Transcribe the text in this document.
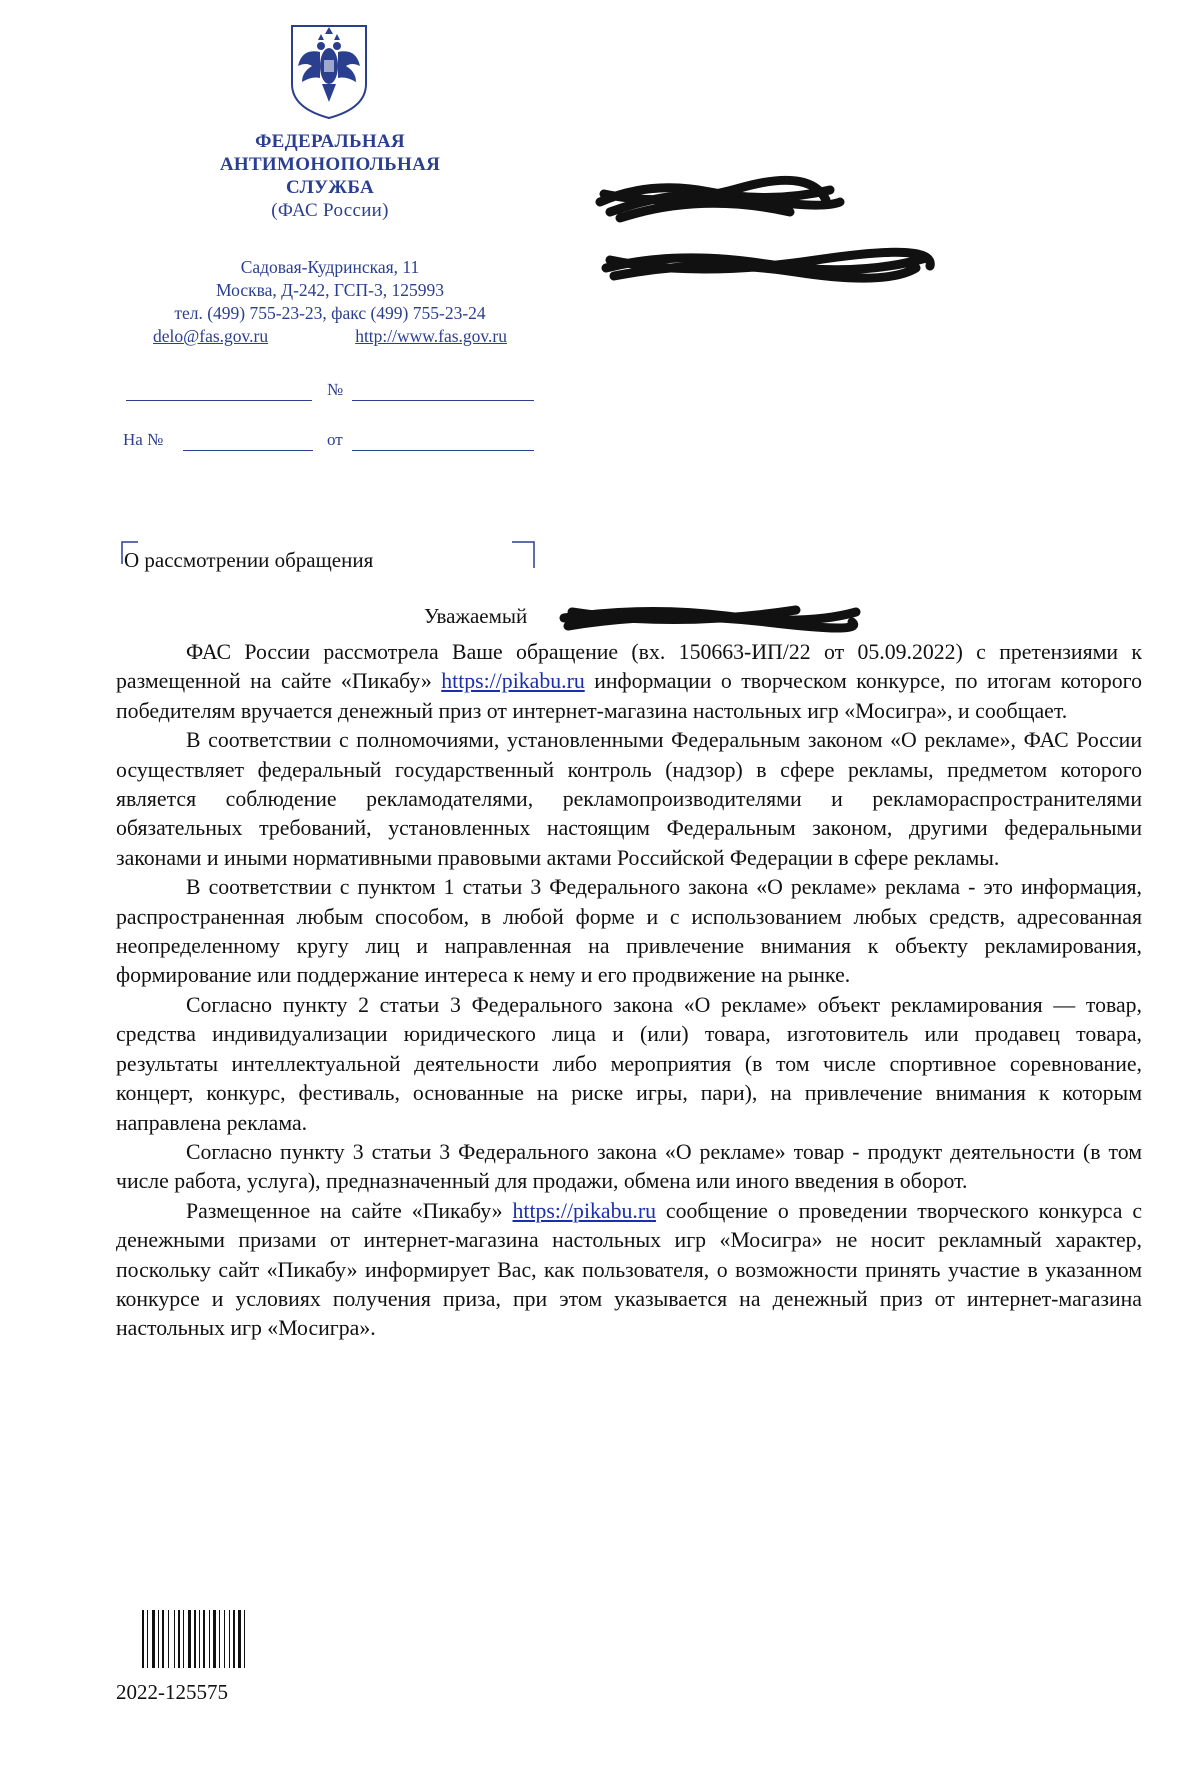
ФЕДЕРАЛЬНАЯ
АНТИМОНОПОЛЬНАЯ
СЛУЖБА
(ФАС России)
Садовая-Кудринская, 11
Москва, Д-242, ГСП-3, 125993
тел. (499) 755-23-23, факс (499) 755-23-24
delo@fas.gov.ru	http://www.fas.gov.ru
№
На №	от
О рассмотрении обращения
Уважаемый

ФАС России рассмотрела Ваше обращение (вх. 150663-ИП/22 от 05.09.2022) с претензиями к размещенной на сайте «Пикабу» https://pikabu.ru информации о творческом конкурсе, по итогам которого победителям вручается денежный приз от интернет-магазина настольных игр «Мосигра», и сообщает.

В соответствии с полномочиями, установленными Федеральным законом «О рекламе», ФАС России осуществляет федеральный государственный контроль (надзор) в сфере рекламы, предметом которого является соблюдение рекламодателями, рекламопроизводителями и рекламораспространителями обязательных требований, установленных настоящим Федеральным законом, другими федеральными законами и иными нормативными правовыми актами Российской Федерации в сфере рекламы.

В соответствии с пунктом 1 статьи 3 Федерального закона «О рекламе» реклама - это информация, распространенная любым способом, в любой форме и с использованием любых средств, адресованная неопределенному кругу лиц и направленная на привлечение внимания к объекту рекламирования, формирование или поддержание интереса к нему и его продвижение на рынке.

Согласно пункту 2 статьи 3 Федерального закона «О рекламе» объект рекламирования — товар, средства индивидуализации юридического лица и (или) товара, изготовитель или продавец товара, результаты интеллектуальной деятельности либо мероприятия (в том числе спортивное соревнование, концерт, конкурс, фестиваль, основанные на риске игры, пари), на привлечение внимания к которым направлена реклама.

Согласно пункту 3 статьи 3 Федерального закона «О рекламе» товар - продукт деятельности (в том числе работа, услуга), предназначенный для продажи, обмена или иного введения в оборот.

Размещенное на сайте «Пикабу» https://pikabu.ru сообщение о проведении творческого конкурса с денежными призами от интернет-магазина настольных игр «Мосигра» не носит рекламный характер, поскольку сайт «Пикабу» информирует Вас, как пользователя, о возможности принять участие в указанном конкурсе и условиях получения приза, при этом указывается на денежный приз от интернет-магазина настольных игр «Мосигра».

2022-125575
